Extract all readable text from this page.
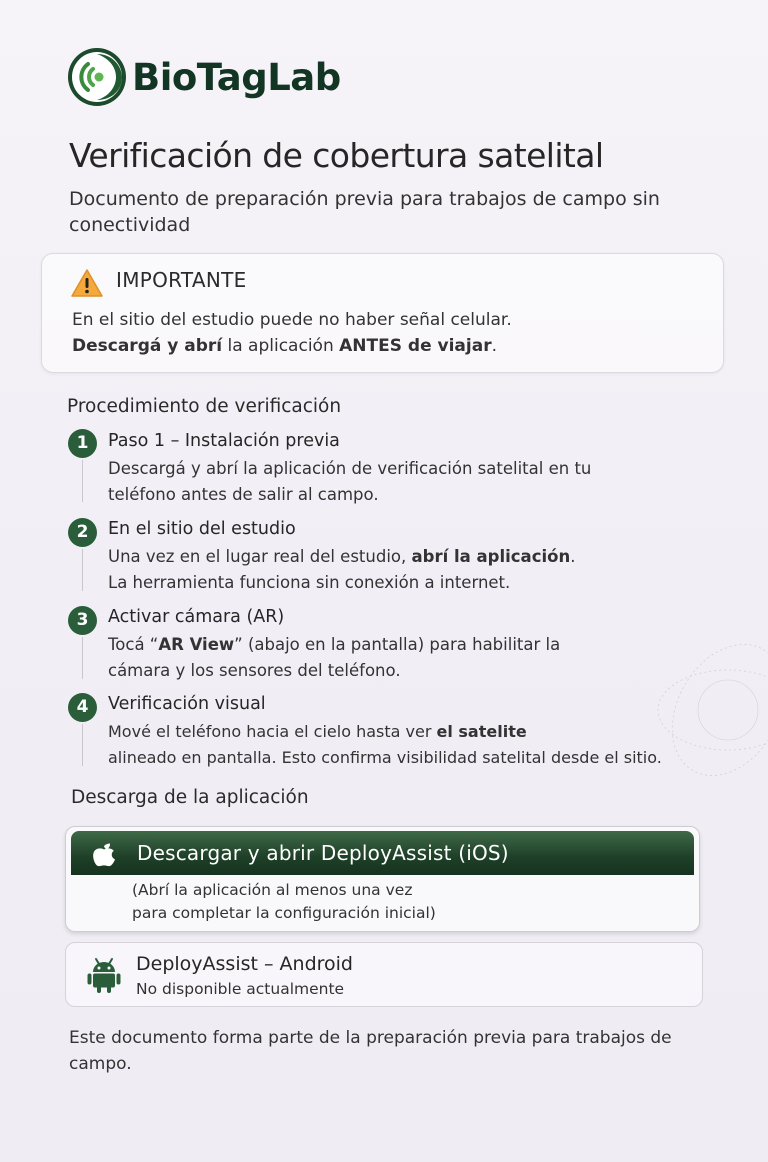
BioTagLab
Verificación de cobertura satelital
Documento de preparación previa para trabajos de campo sin conectividad
IMPORTANTE
En el sitio del estudio puede no haber señal celular.
Descargá y abrí la aplicación ANTES de viajar.
Procedimiento de verificación
1	Paso 1 – Instalación previa
Descargá y abrí la aplicación de verificación satelital en tu
teléfono antes de salir al campo.
2	En el sitio del estudio
Una vez en el lugar real del estudio, abrí la aplicación.
La herramienta funciona sin conexión a internet.
3	Activar cámara (AR)
Tocá “AR View” (abajo en la pantalla) para habilitar la
cámara y los sensores del teléfono.
4	Verificación visual
Mové el teléfono hacia el cielo hasta ver el satelite
alineado en pantalla. Esto confirma visibilidad satelital desde el sitio.
Descarga de la aplicación
Descargar y abrir DeployAssist (iOS)
(Abrí la aplicación al menos una vez
para completar la configuración inicial)
DeployAssist – Android
No disponible actualmente
Este documento forma parte de la preparación previa para trabajos de campo.
